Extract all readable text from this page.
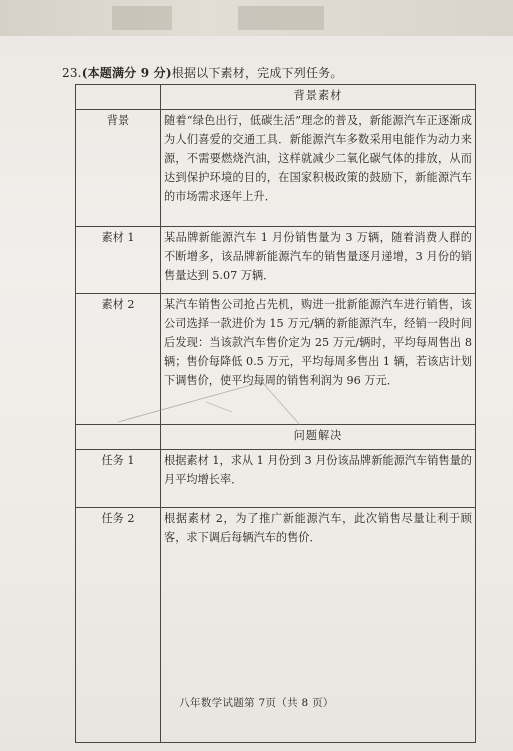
23.(本题满分 9 分)根据以下素材，完成下列任务。
	背景素材
背景	随着“绿色出行，低碳生活”理念的普及，新能源汽车正逐渐成为人们喜爱的交通工具．新能源汽车多数采用电能作为动力来源，不需要燃烧汽油，这样就减少二氧化碳气体的排放，从而达到保护环境的目的，在国家积极政策的鼓励下，新能源汽车的市场需求逐年上升．
素材 1	某品牌新能源汽车 1 月份销售量为 3 万辆，随着消费人群的不断增多，该品牌新能源汽车的销售量逐月递增，3 月份的销售量达到 5.07 万辆．
素材 2	某汽车销售公司抢占先机，购进一批新能源汽车进行销售，该公司选择一款进价为 15 万元/辆的新能源汽车，经销一段时间后发现：当该款汽车售价定为 25 万元/辆时，平均每周售出 8 辆；售价每降低 0.5 万元，平均每周多售出 1 辆，若该店计划下调售价，使平均每周的销售利润为 96 万元．
	问题解决
任务 1	根据素材 1，求从 1 月份到 3 月份该品牌新能源汽车销售量的月平均增长率．
任务 2	根据素材 2，为了推广新能源汽车，此次销售尽量让利于顾客，求下调后每辆汽车的售价．
八年数学试题第 7页（共 8 页）
